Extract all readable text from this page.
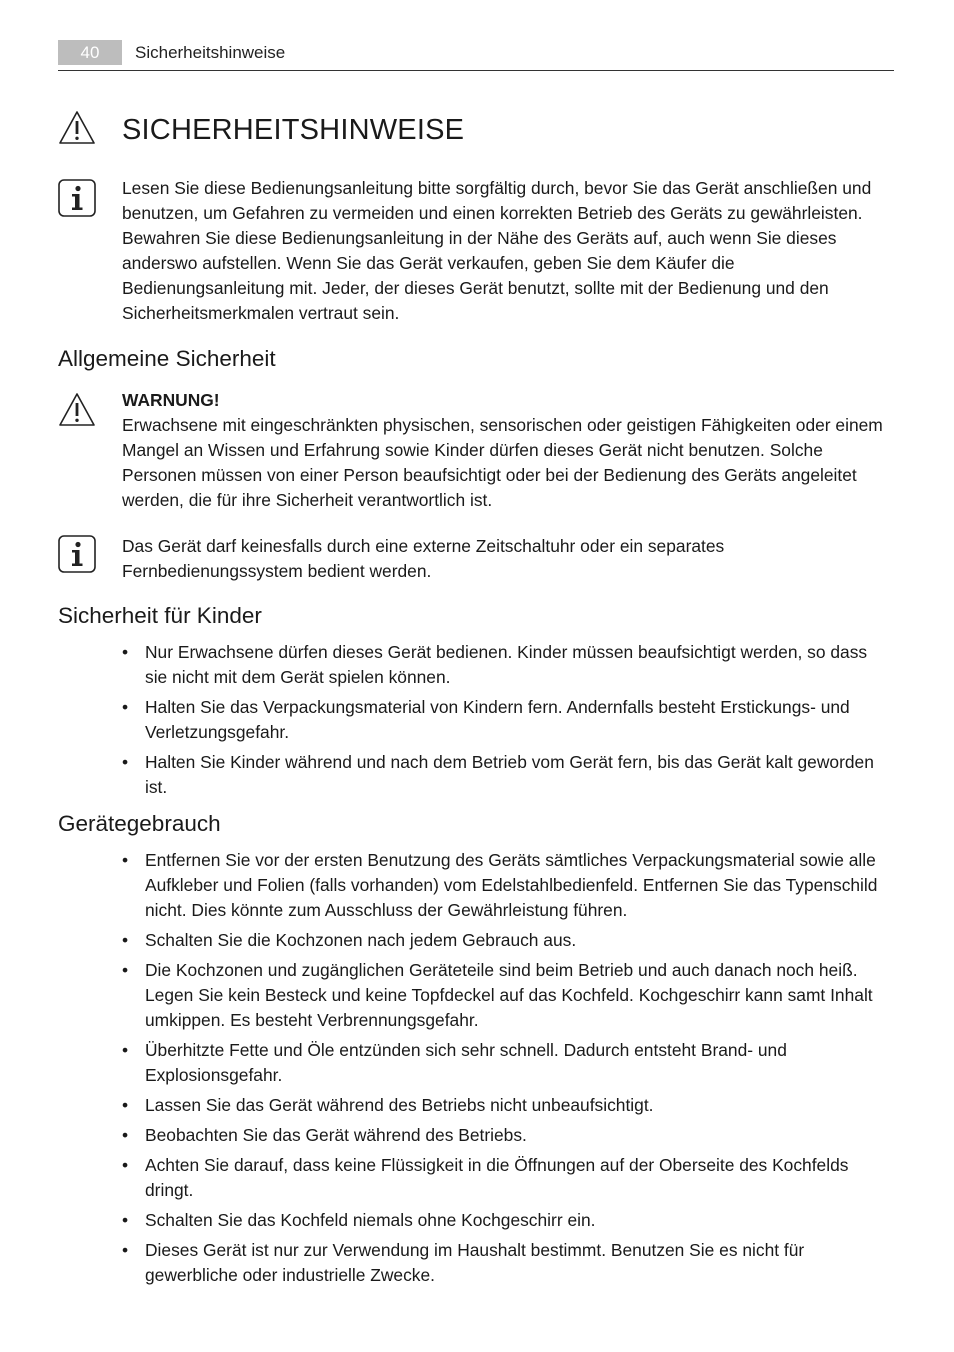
40	Sicherheitshinweise
SICHERHEITSHINWEISE

Lesen Sie diese Bedienungsanleitung bitte sorgfältig durch, bevor Sie das Gerät anschließen und benutzen, um Gefahren zu vermeiden und einen korrekten Betrieb des Geräts zu gewährleisten. Bewahren Sie diese Bedienungsanleitung in der Nähe des Geräts auf, auch wenn Sie dieses anderswo aufstellen. Wenn Sie das Gerät verkaufen, geben Sie dem Käufer die Bedienungsanleitung mit. Jeder, der dieses Gerät benutzt, sollte mit der Bedienung und den Sicherheitsmerkmalen vertraut sein.

Allgemeine Sicherheit
WARNUNG!
Erwachsene mit eingeschränkten physischen, sensorischen oder geistigen Fähigkeiten oder einem Mangel an Wissen und Erfahrung sowie Kinder dürfen dieses Gerät nicht benutzen. Solche Personen müssen von einer Person beaufsichtigt oder bei der Bedienung des Geräts angeleitet werden, die für ihre Sicherheit verantwortlich ist.

Das Gerät darf keinesfalls durch eine externe Zeitschaltuhr oder ein separates Fernbedienungssystem bedient werden.

Sicherheit für Kinder
• Nur Erwachsene dürfen dieses Gerät bedienen. Kinder müssen beaufsichtigt werden, so dass sie nicht mit dem Gerät spielen können.
• Halten Sie das Verpackungsmaterial von Kindern fern. Andernfalls besteht Erstickungs- und Verletzungsgefahr.
• Halten Sie Kinder während und nach dem Betrieb vom Gerät fern, bis das Gerät kalt geworden ist.
Gerätegebrauch
• Entfernen Sie vor der ersten Benutzung des Geräts sämtliches Verpackungsmaterial sowie alle Aufkleber und Folien (falls vorhanden) vom Edelstahlbedienfeld. Entfernen Sie das Typenschild nicht. Dies könnte zum Ausschluss der Gewährleistung führen.
• Schalten Sie die Kochzonen nach jedem Gebrauch aus.
• Die Kochzonen und zugänglichen Geräteteile sind beim Betrieb und auch danach noch heiß. Legen Sie kein Besteck und keine Topfdeckel auf das Kochfeld. Kochgeschirr kann samt Inhalt umkippen. Es besteht Verbrennungsgefahr.
• Überhitzte Fette und Öle entzünden sich sehr schnell. Dadurch entsteht Brand- und Explosionsgefahr.
• Lassen Sie das Gerät während des Betriebs nicht unbeaufsichtigt.
• Beobachten Sie das Gerät während des Betriebs.
• Achten Sie darauf, dass keine Flüssigkeit in die Öffnungen auf der Oberseite des Kochfelds dringt.
• Schalten Sie das Kochfeld niemals ohne Kochgeschirr ein.
• Dieses Gerät ist nur zur Verwendung im Haushalt bestimmt. Benutzen Sie es nicht für gewerbliche oder industrielle Zwecke.
